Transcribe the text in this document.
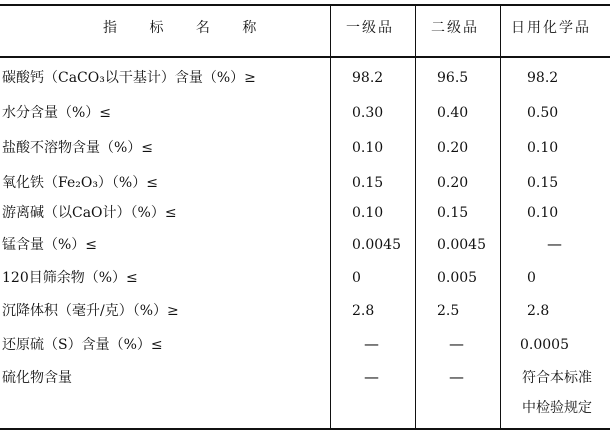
指 标 名 称	一级品	二级品 日用化学品
碳酸钙（CaCO₃以干基计）含量（%）≥	98.2	96.5	98.2
水分含量（%）≤	0.30	0.40	0.50
盐酸不溶物含量（%）≤	0.10	0.20	0.10
氧化铁（Fe₂O₃）（%）≤	0.15	0.20	0.15
游离碱（以CaO计）（%）≤	0.10	0.15	0.10
锰含量（%）≤	0.0045	0.0045	—
120目筛余物（%）≤	0	0.005	0
沉降体积（毫升/克）（%）≥	2.8	2.5	2.8
还原硫（S）含量（%）≤	—	—	0.0005
硫化物含量	—	—	符合本标准
中检验规定
